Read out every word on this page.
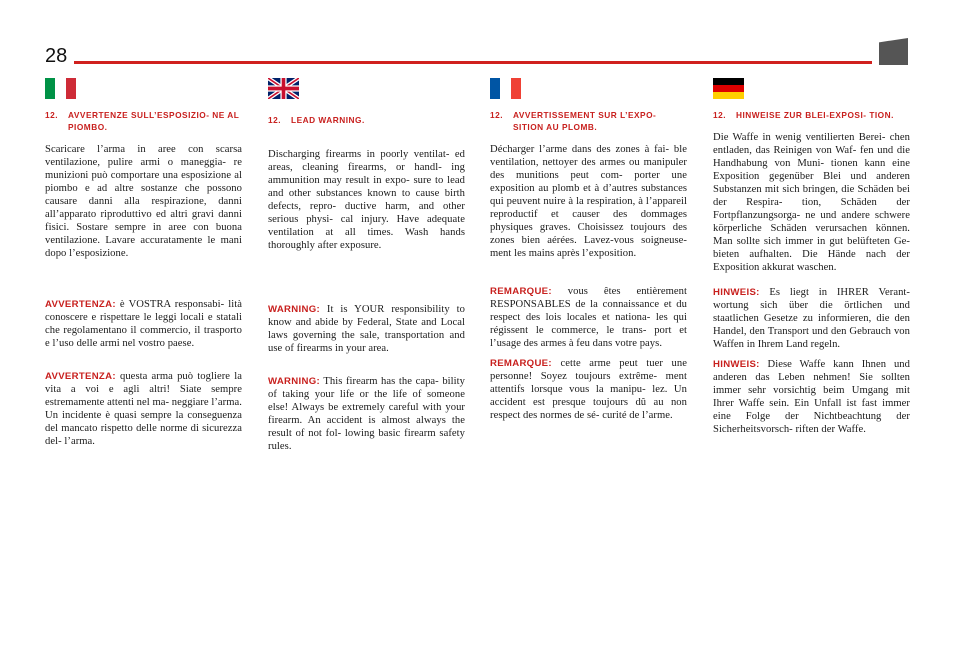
28
12. AVVERTENZE SULL’ESPOSIZIO- NE AL PIOMBO.

Scaricare l’arma in aree con scarsa ventilazione, pulire armi o maneggia- re munizioni può comportare una esposizione al piombo e ad altre sostanze che possono causare danni alla respirazione, danni all’apparato riproduttivo ed altri gravi danni fisici. Sostare sempre in aree con buona ventilazione. Lavare accuratamente le mani dopo l’esposizione.

AVVERTENZA: è VOSTRA responsabi- lità conoscere e rispettare le leggi locali e statali che regolamentano il commercio, il trasporto e l’uso delle armi nel vostro paese.

AVVERTENZA: questa arma può togliere la vita a voi e agli altri! Siate sempre estremamente attenti nel ma- neggiare l’arma. Un incidente è quasi sempre la conseguenza del mancato rispetto delle norme di sicurezza del- l’arma.

12. LEAD WARNING.

Discharging firearms in poorly ventilat- ed areas, cleaning firearms, or handl- ing ammunition may result in expo- sure to lead and other substances known to cause birth defects, repro- ductive harm, and other serious physi- cal injury. Have adequate ventilation at all times. Wash hands thoroughly after exposure.

WARNING: It is YOUR responsibility to know and abide by Federal, State and Local laws governing the sale, transportation and use of firearms in your area.

WARNING: This firearm has the capa- bility of taking your life or the life of someone else! Always be extremely careful with your firearm. An accident is almost always the result of not fol- lowing basic firearm safety rules.

12. AVVERTISSEMENT SUR L’EXPO- SITION AU PLOMB.

Décharger l’arme dans des zones à fai- ble ventilation, nettoyer des armes ou manipuler des munitions peut com- porter une exposition au plomb et à d’autres substances qui peuvent nuire à la respiration, à l’appareil reproductif et causer des dommages physiques graves. Choisissez toujours des zones bien aérées. Lavez-vous soigneuse- ment les mains après l’exposition.

REMARQUE: vous êtes entièrement RESPONSABLES de la connaissance et du respect des lois locales et nationa- les qui régissent le commerce, le trans- port et l’usage des armes à feu dans votre pays.

REMARQUE: cette arme peut tuer une personne! Soyez toujours extrême- ment attentifs lorsque vous la manipu- lez. Un accident est presque toujours dû au non respect des normes de sé- curité de l’arme.

12. HINWEISE ZUR BLEI-EXPOSI- TION.

Die Waffe in wenig ventilierten Berei- chen entladen, das Reinigen von Waf- fen und die Handhabung von Muni- tionen kann eine Exposition gegenüber Blei und anderen Substanzen mit sich bringen, die Schäden bei der Respira- tion, Schäden der Fortpflanzungsorga- ne und andere schwere körperliche Schäden verursachen können. Man sollte sich immer in gut belüfteten Ge- bieten aufhalten. Die Hände nach der Exposition akkurat waschen.

HINWEIS: Es liegt in IHRER Verant- wortung sich über die örtlichen und staatlichen Gesetze zu informieren, die den Handel, den Transport und den Gebrauch von Waffen in Ihrem Land regeln.

HINWEIS: Diese Waffe kann Ihnen und anderen das Leben nehmen! Sie sollten immer sehr vorsichtig beim Umgang mit Ihrer Waffe sein. Ein Unfall ist fast immer eine Folge der Nichtbeachtung der Sicherheitsvorsch- riften der Waffe.
